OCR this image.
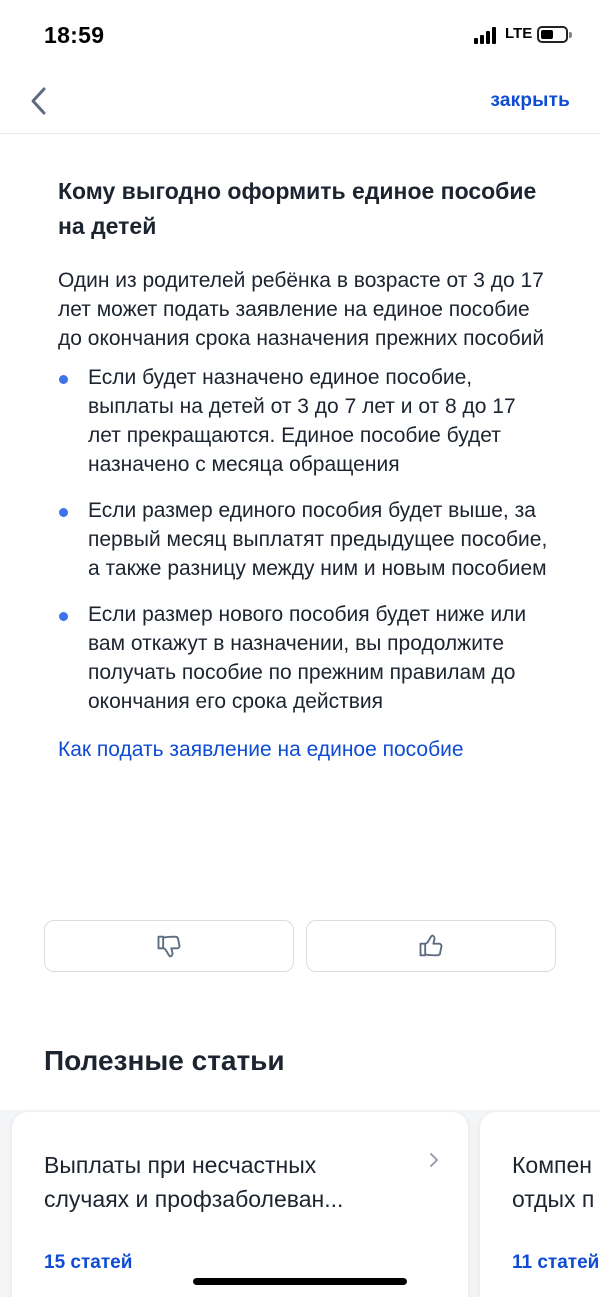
18:59	LTE
закрыть
Кому выгодно оформить единое пособие на детей

Один из родителей ребёнка в возрасте от 3 до 17 лет может подать заявление на единое пособие до окончания срока назначения прежних пособий

Если будет назначено единое пособие, выплаты на детей от 3 до 7 лет и от 8 до 17 лет прекращаются. Единое пособие будет назначено с месяца обращения
Если размер единого пособия будет выше, за первый месяц выплатят предыдущее пособие, а также разницу между ним и новым пособием
Если размер нового пособия будет ниже или вам откажут в назначении, вы продолжите получать пособие по прежним правилам до окончания его срока действия
Как подать заявление на единое пособие
Полезные статьи
Выплаты при несчастных
случаях и профзаболеван...
15 статей
Компен
отдых п
11 статей
